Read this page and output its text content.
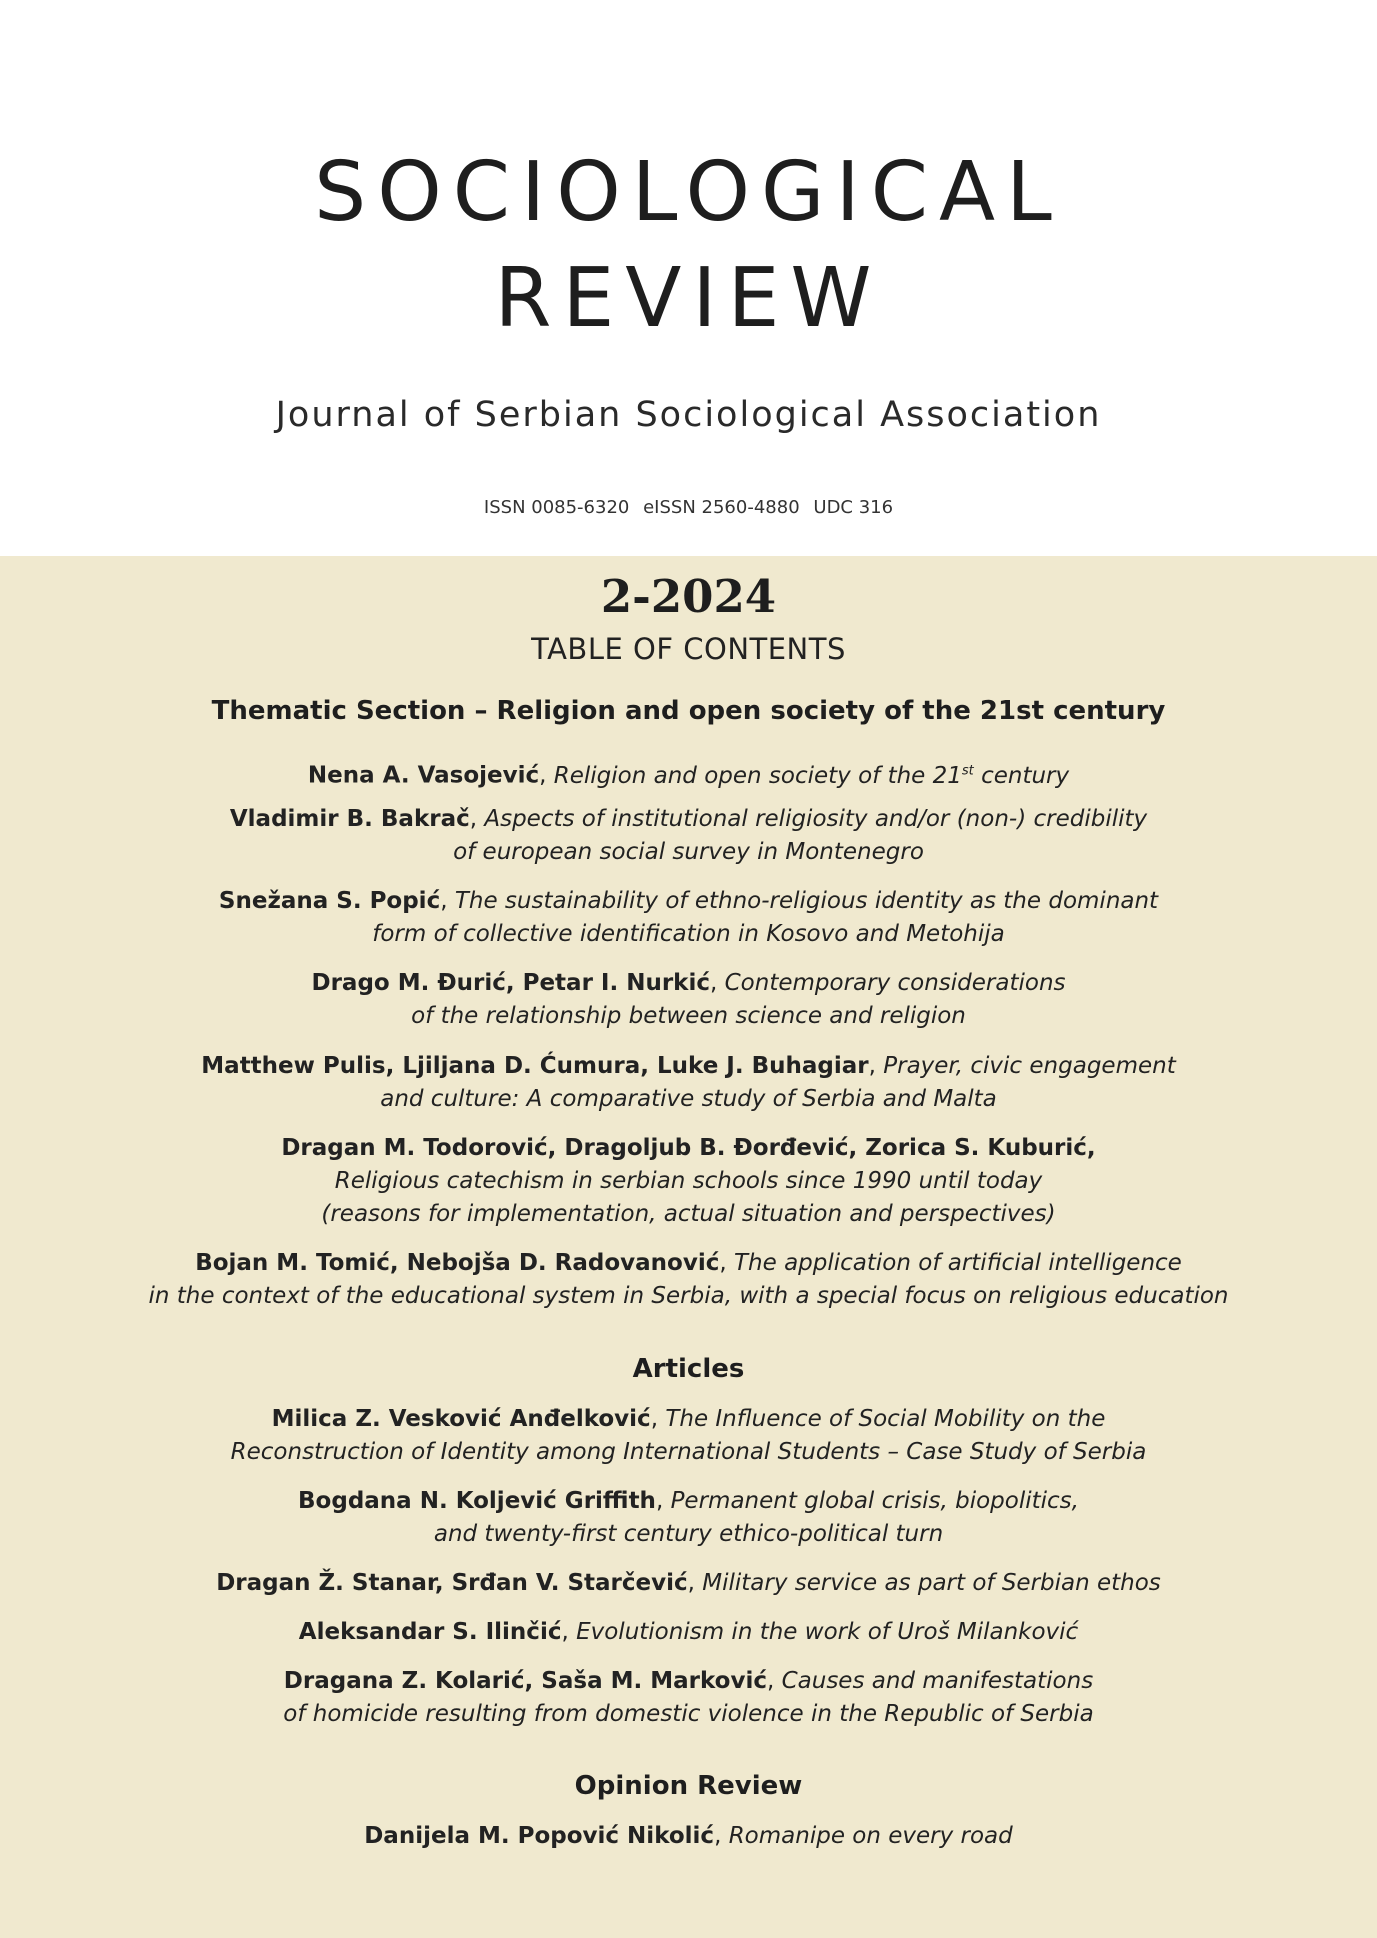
SOCIOLOGICAL
REVIEW
Journal of Serbian Sociological Association
ISSN 0085-6320 eISSN 2560-4880 UDC 316
2-2024
TABLE OF CONTENTS
Thematic Section – Religion and open society of the 21st century
Nena A. Vasojević, Religion and open society of the 21st century
Vladimir B. Bakrač, Aspects of institutional religiosity and/or (non-) credibility
of european social survey in Montenegro
Snežana S. Popić, The sustainability of ethno-religious identity as the dominant
form of collective identification in Kosovo and Metohija
Drago M. Đurić, Petar I. Nurkić, Contemporary considerations
of the relationship between science and religion
Matthew Pulis, Ljiljana D. Ćumura, Luke J. Buhagiar, Prayer, civic engagement
and culture: A comparative study of Serbia and Malta
Dragan M. Todorović, Dragoljub B. Đorđević, Zorica S. Kuburić,
Religious catechism in serbian schools since 1990 until today
(reasons for implementation, actual situation and perspectives)
Bojan M. Tomić, Nebojša D. Radovanović, The application of artificial intelligence
in the context of the educational system in Serbia, with a special focus on religious education
Articles
Milica Z. Vesković Anđelković, The Influence of Social Mobility on the
Reconstruction of Identity among International Students – Case Study of Serbia
Bogdana N. Koljević Griffith, Permanent global crisis, biopolitics,
and twenty-first century ethico-political turn
Dragan Ž. Stanar, Srđan V. Starčević, Military service as part of Serbian ethos
Aleksandar S. Ilinčić, Evolutionism in the work of Uroš Milanković
Dragana Z. Kolarić, Saša M. Marković, Causes and manifestations
of homicide resulting from domestic violence in the Republic of Serbia
Opinion Review
Danijela M. Popović Nikolić, Romanipe on every road
